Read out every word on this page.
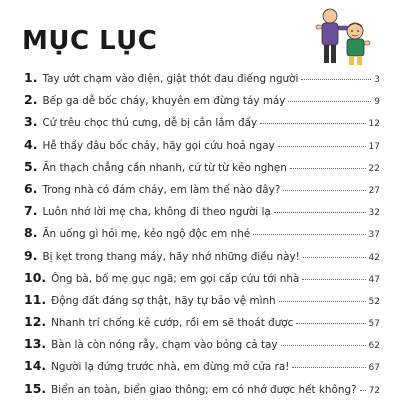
MỤC LỤC
1. Tay ướt chạm vào điện, giật thót đau điếng người	3
2. Bếp ga dễ bốc cháy, khuyên em đừng táy máy	9
3. Cứ trêu chọc thú cưng, dễ bị cắn lắm đấy	12
4. Hễ thấy đâu bốc cháy, hãy gọi cứu hoả ngay	17
5. Ăn thạch chẳng cần nhanh, cứ từ từ kẻo nghẹn	22
6. Trong nhà có đám cháy, em làm thế nào đây?	27
7. Luôn nhớ lời mẹ cha, không đi theo người lạ	32
8. Ăn uống gì hỏi mẹ, kẻo ngộ độc em nhé	37
9. Bị kẹt trong thang máy, hãy nhớ những điều này!	42
10. Ông bà, bố mẹ gục ngã; em gọi cấp cứu tới nhà	47
11. Động đất đáng sợ thật, hãy tự bảo vệ mình	52
12. Nhanh trí chống kẻ cướp, rồi em sẽ thoát được	57
13. Bàn là còn nóng rẫy, chạm vào bỏng cả tay	62
14. Người lạ đứng trước nhà, em đừng mở cửa ra!	67
15. Biển an toàn, biển giao thông; em có nhớ được hết không? 72
